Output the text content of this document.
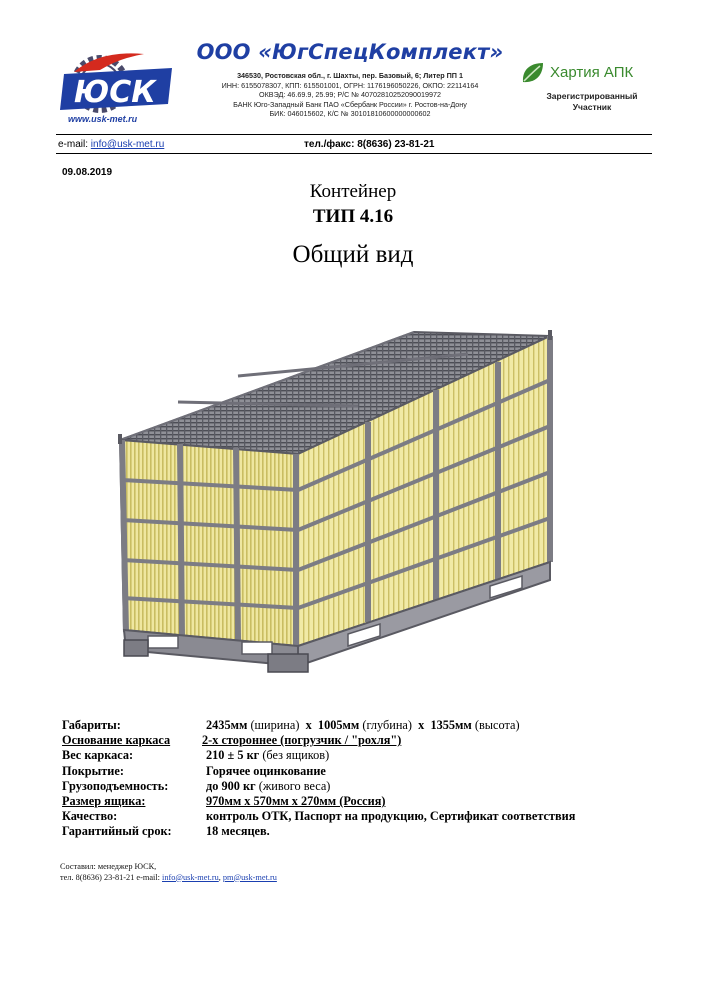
ЮСК
www.usk-met.ru
ООО «ЮгСпецКомплект»
346530, Ростовская обл., г. Шахты, пер. Базовый, 6; Литер ПП 1
ИНН: 6155078307, КПП: 615501001, ОГРН: 1176196050226, ОКПО: 22114164
ОКВЭД: 46.69.9, 25.99; Р/С № 40702810252090019972
БАНК Юго-Западный Банк ПАО «Сбербанк России» г. Ростов-на-Дону
БИК: 046015602, К/С № 30101810600000000602
Хартия АПК
Зарегистрированный
Участник
e-mail: info@usk-met.ru	тел./факс: 8(8636) 23-81-21
09.08.2019
Контейнер
ТИП 4.16
Общий вид
Габариты:	2435мм (ширина) x 1005мм (глубина) x 1355мм (высота)
Основание каркаса	2-х стороннее (погрузчик / "рохля")
Вес каркаса:	210 ± 5 кг (без ящиков)
Покрытие:	Горячее оцинкование
Грузоподъемность:	до 900 кг (живого веса)
Размер ящика:	970мм х 570мм х 270мм (Россия)
Качество:	контроль ОТК, Паспорт на продукцию, Сертификат соответствия
Гарантийный срок:	18 месяцев.
Составил: менеджер ЮСК,
тел. 8(8636) 23-81-21 e-mail: info@usk-met.ru, pm@usk-met.ru
